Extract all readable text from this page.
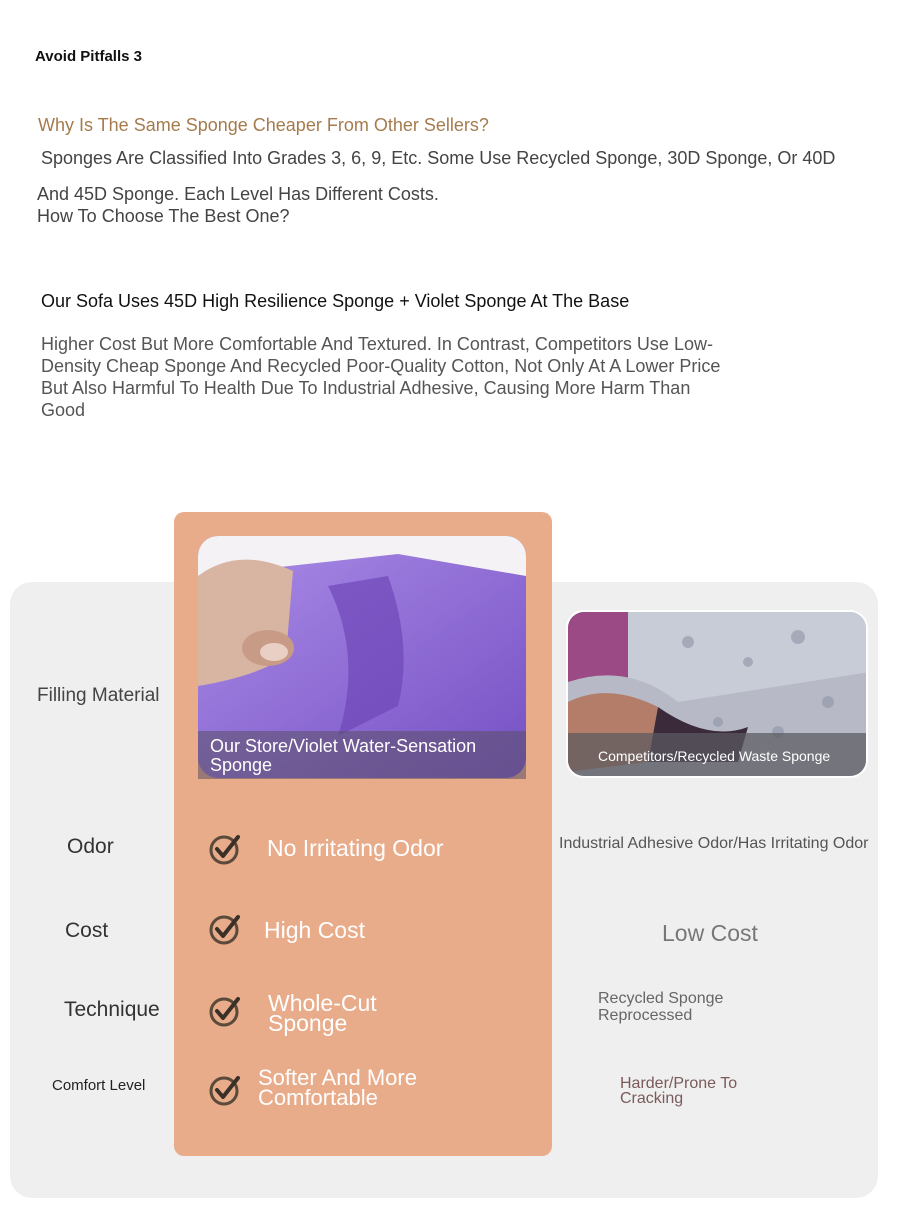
Avoid Pitfalls 3
Why Is The Same Sponge Cheaper From Other Sellers?
Sponges Are Classified Into Grades 3, 6, 9, Etc. Some Use Recycled Sponge, 30D Sponge, Or 40D
And 45D Sponge. Each Level Has Different Costs. How To Choose The Best One?
Our Sofa Uses 45D High Resilience Sponge + Violet Sponge At The Base
Higher Cost But More Comfortable And Textured. In Contrast, Competitors Use Low-Density Cheap Sponge And Recycled Poor-Quality Cotton, Not Only At A Lower Price But Also Harmful To Health Due To Industrial Adhesive, Causing More Harm Than Good
Our Store/Violet Water-Sensation Sponge	Competitors/Recycled Waste Sponge
Filling Material
Odor
Cost
Technique
Comfort Level
No Irritating Odor
High Cost
Whole-Cut Sponge
Softer And More Comfortable
Industrial Adhesive Odor/Has Irritating Odor
Low Cost
Recycled Sponge Reprocessed
Harder/Prone To Cracking
